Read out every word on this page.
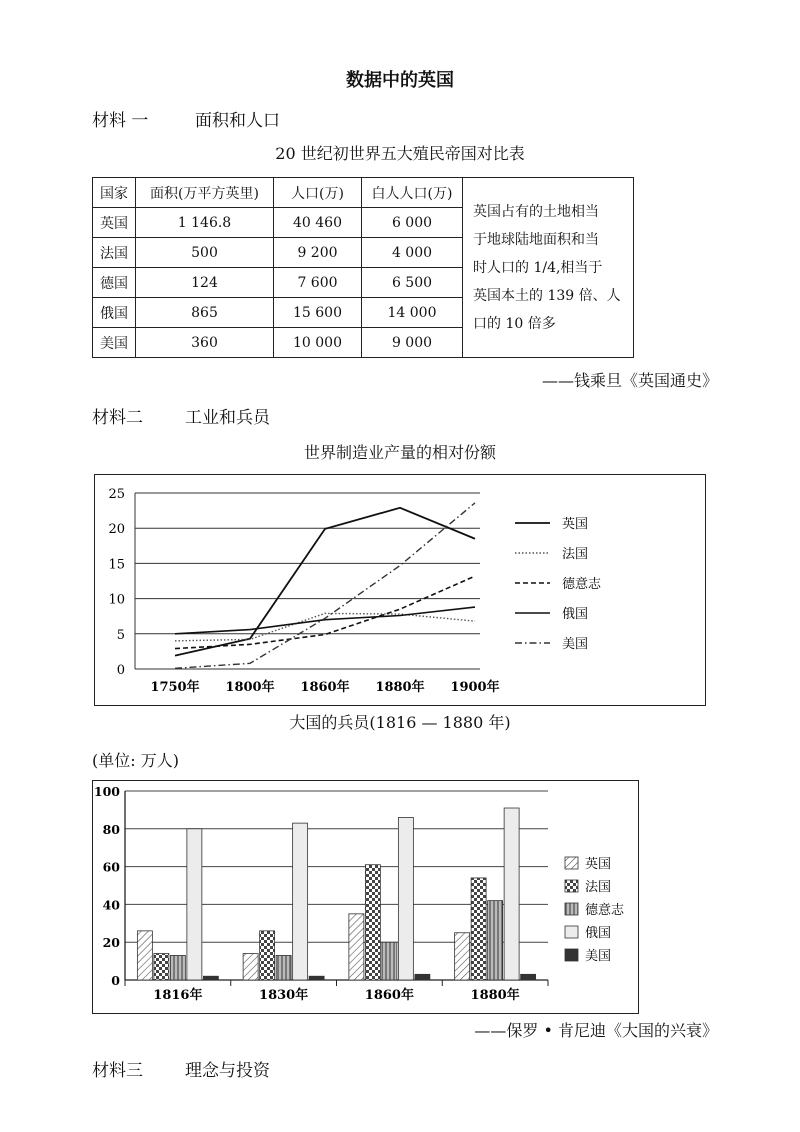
数据中的英国
材料 一	面积和人口
20 世纪初世界五大殖民帝国对比表
国家	面积(万平方英里)	人口(万)	白人人口(万)	英国占有的土地相当
于地球陆地面积和当
时人口的 1/4,相当于
英国本土的 139 倍、人
口的 10 倍多

英国	1 146.8	40 460	6 000	
法国	500	9 200	4 000	
德国	124	7 600	6 500	
俄国	865	15 600	14 000	
美国	360	10 000	9 000	
——钱乘旦《英国通史》
材料二 工业和兵员
世界制造业产量的相对份额
0
5
10
15
20
25
1750年 1800年 1860年 1880年 1900年
英国
法国
德意志
俄国
美国
大国的兵员(1816 — 1880 年)
(单位: 万人)
0
20
40
60
80
100
1816年	1830年	1860年	1880年
英国
法国
德意志
俄国
美国
——保罗 • 肯尼迪《大国的兴衰》
材料三 理念与投资
